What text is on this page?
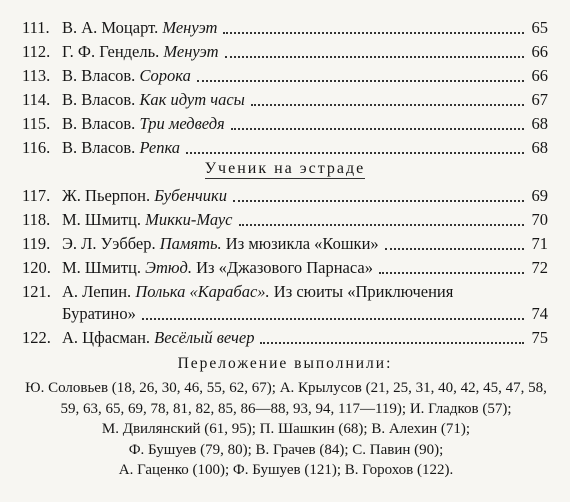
111. В. А. Моцарт.
Менуэт	65
112. Г. Ф. Гендель.
Менуэт	66
113. В. Власов.
Сорока	66
114. В. Власов.
Как идут часы	67
115. В. Власов.
Три медведя	68
116. В. Власов.
Репка	68
Ученик на эстраде
117. Ж. Пьерпон.
Бубенчики	69
118. М. Шмитц.
Микки-Маус	70
119. Э. Л. Уэббер.
Память.
Из мюзикла «Кошки»	71
120. М. Шмитц.
Этюд.
Из «Джазового Парнаса»	72
121. А. Лепин.
Полька «Карабас».
Из сюиты «Приключения
Буратино»	74
122. А. Цфасман.
Весёлый вечер	75
Переложение выполнили:
Ю. Соловьев (18, 26, 30, 46, 55, 62, 67); А. Крылусов (21, 25, 31, 40, 42, 45, 47, 58,
59, 63, 65, 69, 78, 81, 82, 85, 86—88, 93, 94, 117—119); И. Гладков (57);
М. Двилянский (61, 95); П. Шашкин (68); В. Алехин (71);
Ф. Бушуев (79, 80); В. Грачев (84); С. Павин (90);
А. Гаценко (100); Ф. Бушуев (121); В. Горохов (122).
